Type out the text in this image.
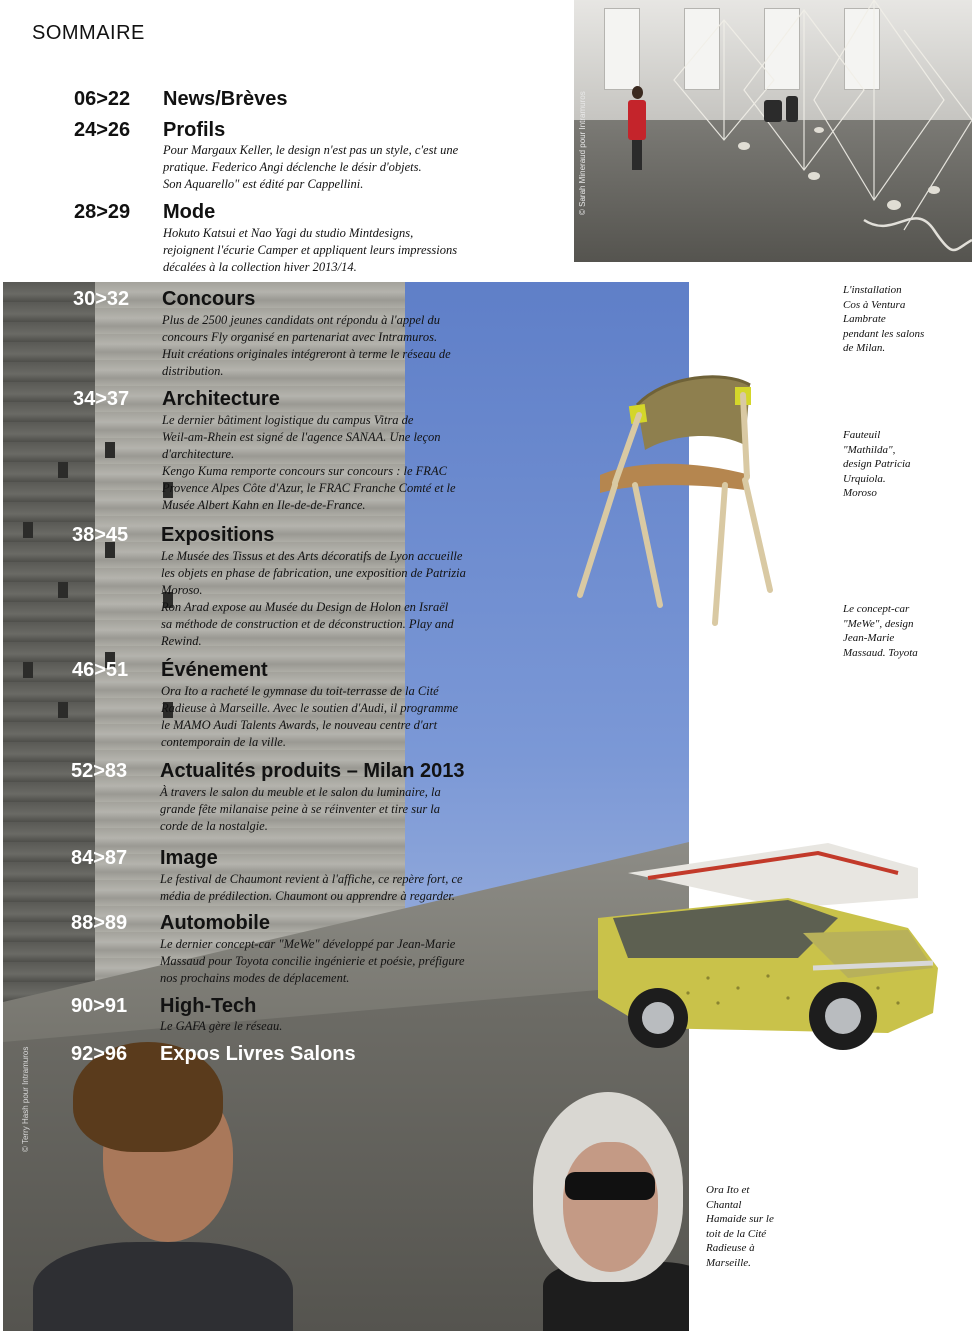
© Sarah Mineraud pour Intramuros
© Terry Hash pour Intramuros
SOMMAIRE
06>22 News/Brèves
24>26 Profils
Pour Margaux Keller, le design n'est pas un style, c'est une
pratique. Federico Angi déclenche le désir d'objets.
Son Aquarello" est édité par Cappellini.
28>29 Mode
Hokuto Katsui et Nao Yagi du studio Mintdesigns,
rejoignent l'écurie Camper et appliquent leurs impressions
décalées à la collection hiver 2013/14.
30>32 Concours
Plus de 2500 jeunes candidats ont répondu à l'appel du
concours Fly organisé en partenariat avec Intramuros.
Huit créations originales intégreront à terme le réseau de
distribution.
34>37 Architecture
Le dernier bâtiment logistique du campus Vitra de
Weil-am-Rhein est signé de l'agence SANAA. Une leçon
d'architecture.
Kengo Kuma remporte concours sur concours : le FRAC
Provence Alpes Côte d'Azur, le FRAC Franche Comté et le
Musée Albert Kahn en Ile-de-de-France.
38>45 Expositions
Le Musée des Tissus et des Arts décoratifs de Lyon accueille
les objets en phase de fabrication, une exposition de Patrizia
Moroso.
Ron Arad expose au Musée du Design de Holon en Israël
sa méthode de construction et de déconstruction. Play and
Rewind.
46>51 Événement
Ora Ito a racheté le gymnase du toit-terrasse de la Cité
Radieuse à Marseille. Avec le soutien d'Audi, il programme
le MAMO Audi Talents Awards, le nouveau centre d'art
contemporain de la ville.
52>83 Actualités produits – Milan 2013
À travers le salon du meuble et le salon du luminaire, la
grande fête milanaise peine à se réinventer et tire sur la
corde de la nostalgie.
84>87 Image
Le festival de Chaumont revient à l'affiche, ce repère fort, ce
média de prédilection. Chaumont ou apprendre à regarder.
88>89 Automobile
Le dernier concept-car "MeWe" développé par Jean-Marie
Massaud pour Toyota concilie ingénierie et poésie, préfigure
nos prochains modes de déplacement.
90>91 High-Tech
Le GAFA gère le réseau.
92>96 Expos Livres Salons
L'installation
Cos à Ventura
Lambrate
pendant les salons
de Milan.
Fauteuil
"Mathilda",
design Patricia
Urquiola.
Moroso
Le concept-car
"MeWe", design
Jean-Marie
Massaud. Toyota
Ora Ito et
Chantal
Hamaide sur le
toit de la Cité
Radieuse à
Marseille.
